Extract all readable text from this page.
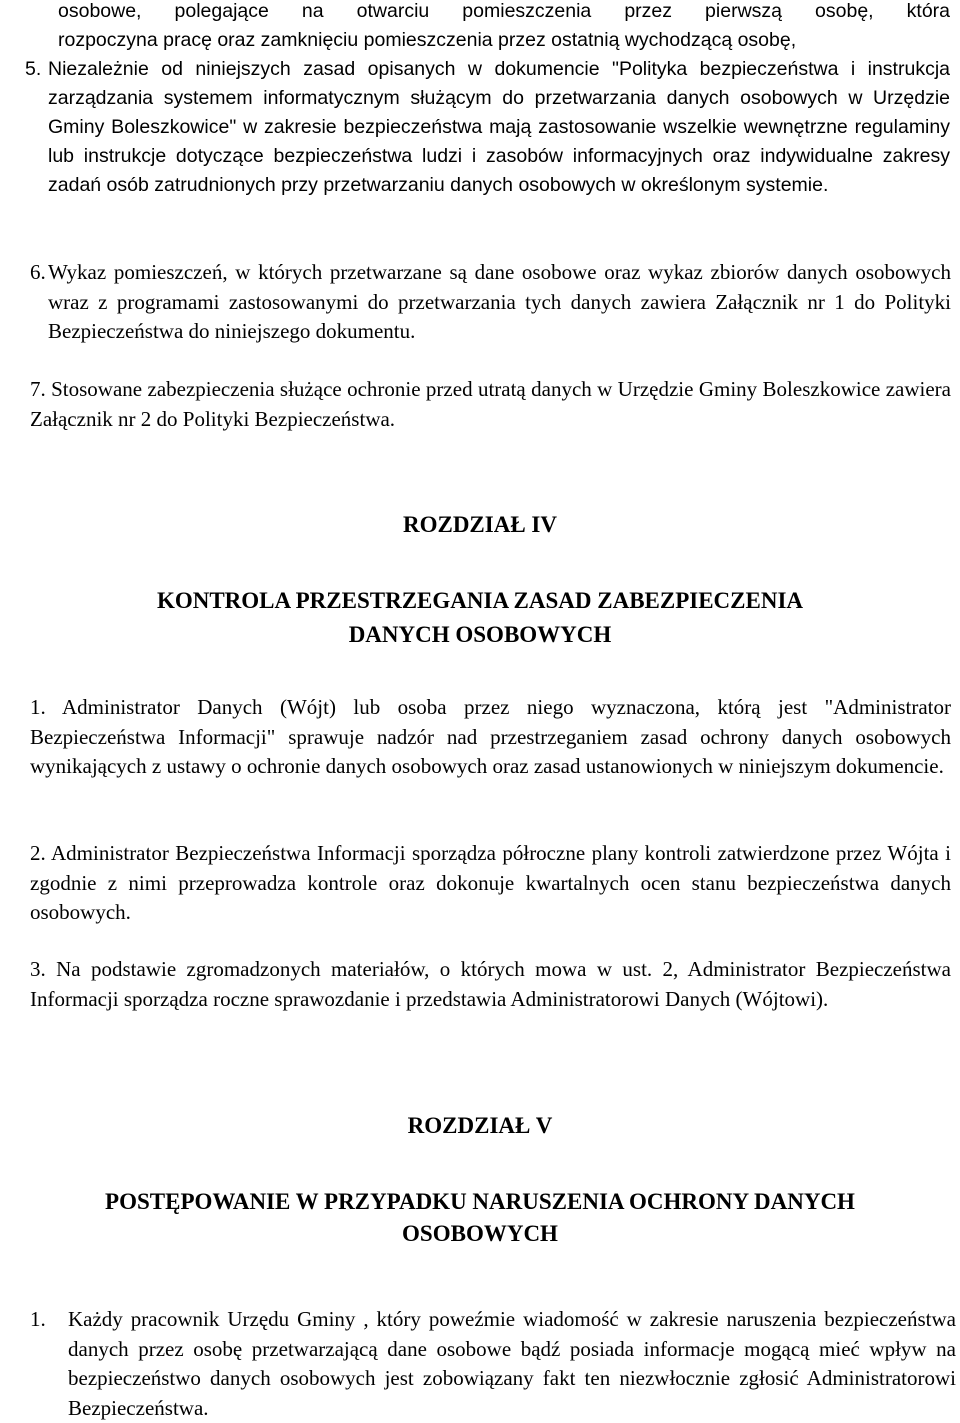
osobowe, polegające na otwarciu pomieszczenia przez pierwszą osobę, która

rozpoczyna pracę oraz zamknięciu pomieszczenia przez ostatnią wychodzącą osobę,

5. Niezależnie od niniejszych zasad opisanych w dokumencie "Polityka bezpieczeństwa i instrukcja zarządzania systemem informatycznym służącym do przetwarzania danych osobowych w Urzędzie Gminy Boleszkowice" w zakresie bezpieczeństwa mają zastosowanie wszelkie wewnętrzne regulaminy lub instrukcje dotyczące bezpieczeństwa ludzi i zasobów informacyjnych oraz indywidualne zakresy zadań osób zatrudnionych przy przetwarzaniu danych osobowych w określonym systemie.
6. Wykaz pomieszczeń, w których przetwarzane są dane osobowe oraz wykaz zbiorów danych osobowych wraz z programami zastosowanymi do przetwarzania tych danych zawiera Załącznik nr 1 do Polityki Bezpieczeństwa do niniejszego dokumentu.

7. Stosowane zabezpieczenia służące ochronie przed utratą danych w Urzędzie Gminy Boleszkowice zawiera Załącznik nr 2 do Polityki Bezpieczeństwa.

ROZDZIAŁ IV
KONTROLA PRZESTRZEGANIA ZASAD ZABEZPIECZENIA
DANYCH OSOBOWYCH

1. Administrator Danych (Wójt) lub osoba przez niego wyznaczona, którą jest "Administrator Bezpieczeństwa Informacji" sprawuje nadzór nad przestrzeganiem zasad ochrony danych osobowych wynikających z ustawy o ochronie danych osobowych oraz zasad ustanowionych w niniejszym dokumencie.

2. Administrator Bezpieczeństwa Informacji sporządza półroczne plany kontroli zatwierdzone przez Wójta i zgodnie z nimi przeprowadza kontrole oraz dokonuje kwartalnych ocen stanu bezpieczeństwa danych osobowych.

3. Na podstawie zgromadzonych materiałów, o których mowa w ust. 2, Administrator Bezpieczeństwa Informacji sporządza roczne sprawozdanie i przedstawia Administratorowi Danych (Wójtowi).

ROZDZIAŁ V
POSTĘPOWANIE W PRZYPADKU NARUSZENIA OCHRONY DANYCH
OSOBOWYCH
1.	Każdy pracownik Urzędu Gminy , który poweźmie wiadomość w zakresie naruszenia bezpieczeństwa danych przez osobę przetwarzającą dane osobowe bądź posiada informacje mogącą mieć wpływ na bezpieczeństwo danych osobowych jest zobowiązany fakt ten niezwłocznie zgłosić Administratorowi Bezpieczeństwa.
